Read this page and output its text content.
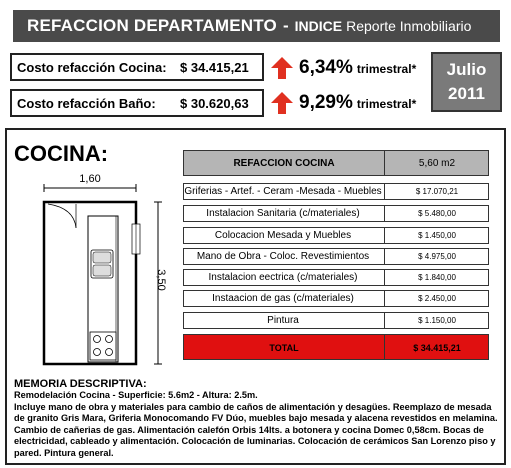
REFACCION DEPARTAMENTO - INDICE Reporte Inmobiliario
Costo refacción Cocina: $ 34.415,21	6,34% trimestral*
Costo refacción Baño: $ 30.620,63	9,29% trimestral*
Julio
2011
COCINA:
1,60
3,50
REFACCION COCINA	5,60 m2
Griferias - Artef. - Ceram -Mesada - Muebles	$ 17.070,21
Instalacion Sanitaria (c/materiales)	$ 5.480,00
Colocacion Mesada y Muebles	$ 1.450,00
Mano de Obra - Coloc. Revestimientos	$ 4.975,00
Instalacion eectrica (c/materiales)	$ 1.840,00
Instaacion de gas (c/materiales)	$ 2.450,00
Pintura	$ 1.150,00
TOTAL	$ 34.415,21
MEMORIA DESCRIPTIVA:
Remodelación Cocina - Superficie: 5.6m2 - Altura: 2.5m.
Incluye mano de obra y materiales para cambio de caños de alimentación y desagües. Reemplazo de mesada de granito Gris Mara, Griferia Monocomando FV Dúo, muebles bajo mesada y alacena revestidos en melamina. Cambio de cañerias de gas. Alimentación calefón Orbis 14lts. a botonera y cocina Domec 0,58cm. Bocas de electricidad, cableado y alimentación. Colocación de luminarias. Colocación de cerámicos San Lorenzo piso y pared. Pintura general.
